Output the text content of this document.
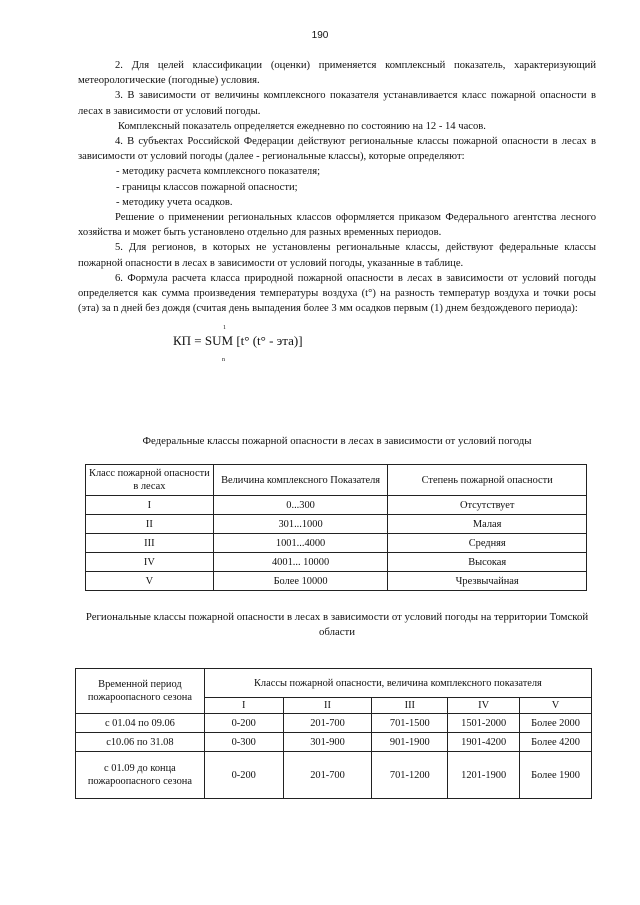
190

2. Для целей классификации (оценки) применяется комплексный показатель, характеризующий метеорологические (погодные) условия.

3. В зависимости от величины комплексного показателя устанавливается класс пожарной опасности в лесах в зависимости от условий погоды.

Комплексный показатель определяется ежедневно по состоянию на 12 - 14 часов.

4. В субъектах Российской Федерации действуют региональные классы пожарной опасности в лесах в зависимости от условий погоды (далее - региональные классы), которые определяют:

- методику расчета комплексного показателя;

- границы классов пожарной опасности;

- методику учета осадков.

Решение о применении региональных классов оформляется приказом Федерального агентства лесного хозяйства и может быть установлено отдельно для разных временных периодов.

5. Для регионов, в которых не установлены региональные классы, действуют федеральные классы пожарной опасности в лесах в зависимости от условий погоды, указанные в таблице.

6. Формула расчета класса природной пожарной опасности в лесах в зависимости от условий погоды определяется как сумма произведения температуры воздуха (t°) на разность температур воздуха и точки росы (эта) за n дней без дождя (считая день выпадения более 3 мм осадков первым (1) днем бездождевого периода):

1
КП = SUM [t° (t° - эта)]
n
Федеральные классы пожарной опасности в лесах в зависимости от условий погоды
Класс пожарной опасности в лесах	Величина комплексного Показателя	Степень пожарной опасности
I	0...300	Отсутствует
II	301...1000	Малая
III	1001...4000	Средняя
IV	4001... 10000	Высокая
V	Более 10000	Чрезвычайная
Региональные классы пожарной опасности в лесах в зависимости от условий погоды на территории Томской области
Временной период пожароопасного сезона	Классы пожарной опасности, величина комплексного показателя				
	I	II	III	IV	V
с 01.04 по 09.06	0-200	201-700	701-1500	1501-2000	Более 2000
с10.06 по 31.08	0-300	301-900	901-1900	1901-4200	Более 4200
с 01.09 до конца пожароопасного сезона	0-200	201-700	701-1200	1201-1900	Более 1900
